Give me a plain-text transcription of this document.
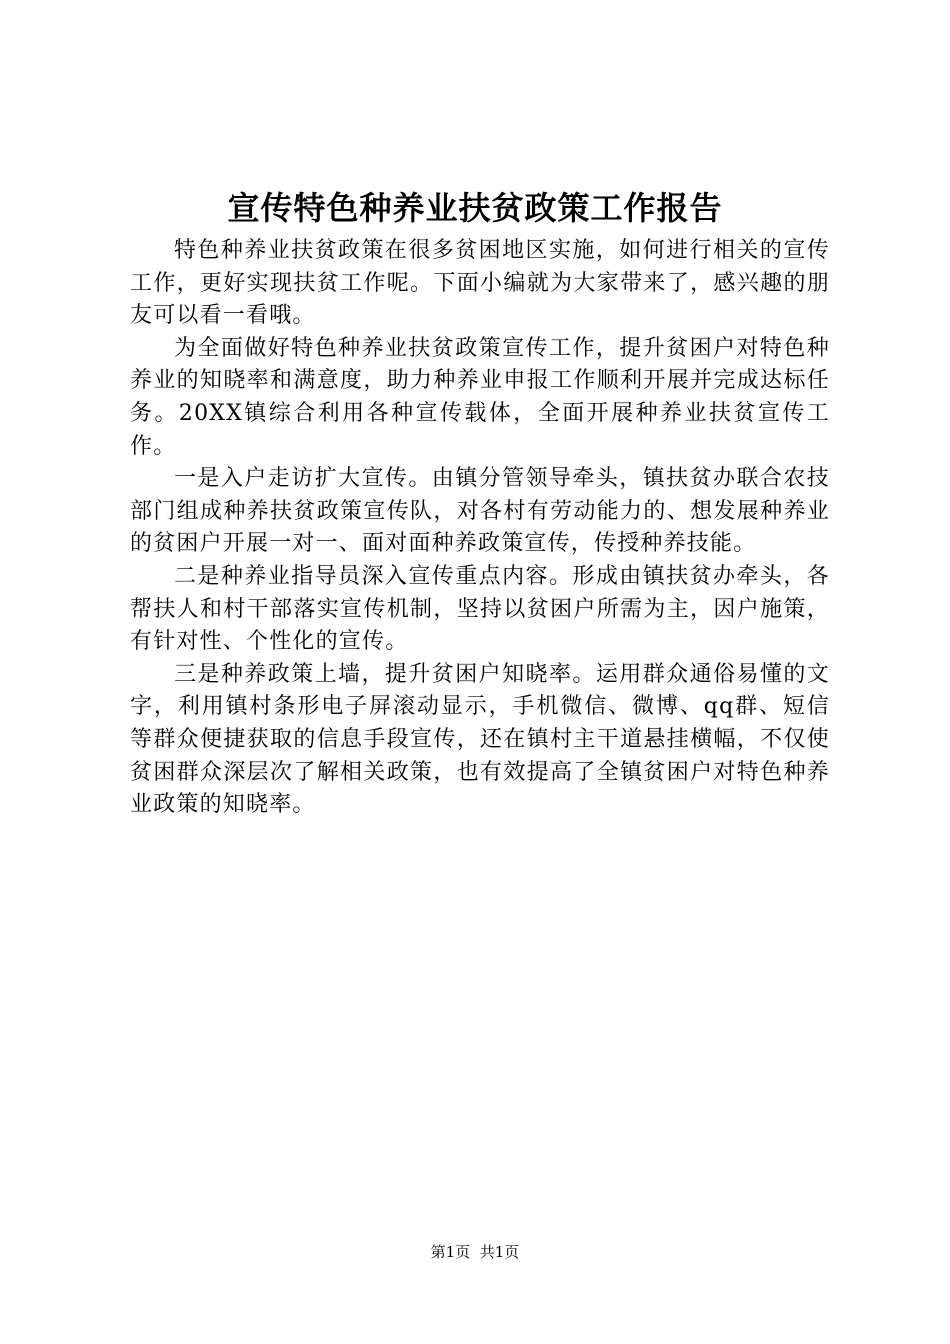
宣传特色种养业扶贫政策工作报告

特色种养业扶贫政策在很多贫困地区实施，如何进行相关的宣传工作，更好实现扶贫工作呢。下面小编就为大家带来了，感兴趣的朋友可以看一看哦。

为全面做好特色种养业扶贫政策宣传工作，提升贫困户对特色种养业的知晓率和满意度，助力种养业申报工作顺利开展并完成达标任务。20XX镇综合利用各种宣传载体，全面开展种养业扶贫宣传工作。

一是入户走访扩大宣传。由镇分管领导牵头，镇扶贫办联合农技部门组成种养扶贫政策宣传队，对各村有劳动能力的、想发展种养业的贫困户开展一对一、面对面种养政策宣传，传授种养技能。

二是种养业指导员深入宣传重点内容。形成由镇扶贫办牵头，各帮扶人和村干部落实宣传机制，坚持以贫困户所需为主，因户施策，有针对性、个性化的宣传。

三是种养政策上墙，提升贫困户知晓率。运用群众通俗易懂的文字，利用镇村条形电子屏滚动显示，手机微信、微博、qq群、短信等群众便捷获取的信息手段宣传，还在镇村主干道悬挂横幅，不仅使贫困群众深层次了解相关政策，也有效提高了全镇贫困户对特色种养业政策的知晓率。

第1页 共1页
